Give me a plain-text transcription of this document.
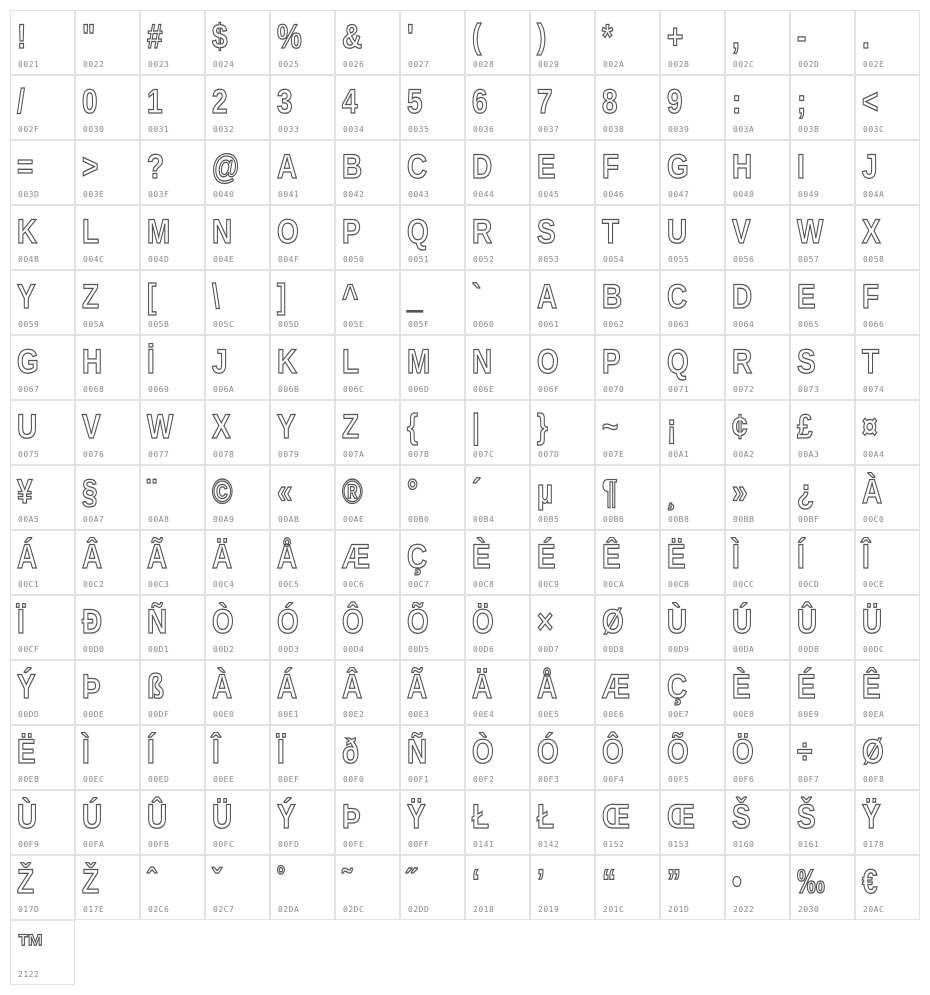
!
0021
"
0022
#
0023
$
0024
%
0025
&
0026
'
0027
(
0028
)
0029
*
002A
+
002B
,
002C
-
002D
.
002E
/
002F
0
0030
1
0031
2
0032
3
0033
4
0034
5
0035
6
0036
7
0037
8
0038
9
0039
:
003A
;
003B
<
003C
=
003D
>
003E
?
003F
@
0040
A
0041
B
0042
C
0043
D
0044
E
0045
F
0046
G
0047
H
0048
I
0049
J
004A
K
004B
L
004C
M
004D
N
004E
O
004F
P
0050
Q
0051
R
0052
S
0053
T
0054
U
0055
V
0056
W
0057
X
0058
Y
0059
Z
005A
[
005B
\
005C
]
005D
^
005E
_
005F
`
0060
A
0061
B
0062
C
0063
D
0064
E
0065
F
0066
G
0067
H
0068
İ
0069
J
006A
K
006B
L
006C
M
006D
N
006E
O
006F
P
0070
Q
0071
R
0072
S
0073
T
0074
U
0075
V
0076
W
0077
X
0078
Y
0079
Z
007A
{
007B
|
007C
}
007D
~
007E
¡
00A1
¢
00A2
£
00A3
¤
00A4
¥
00A5
§
00A7
¨
00A8
©
00A9
«
00AB
®
00AE
°
00B0
´
00B4
µ
00B5
¶
00B6
¸
00B8
»
00BB
¿
00BF
À
00C0
Á
00C1
Â
00C2
Ã
00C3
Ä
00C4
Å
00C5
Æ
00C6
Ç
00C7
È
00C8
É
00C9
Ê
00CA
Ë
00CB
Ì
00CC
Í
00CD
Î
00CE
Ï
00CF
Ð
00D0
Ñ
00D1
Ò
00D2
Ó
00D3
Ô
00D4
Õ
00D5
Ö
00D6
×
00D7
Ø
00D8
Ù
00D9
Ú
00DA
Û
00DB
Ü
00DC
Ý
00DD
Þ
00DE
ß
00DF
À
00E0
Á
00E1
Â
00E2
Ã
00E3
Ä
00E4
Å
00E5
Æ
00E6
Ç
00E7
È
00E8
É
00E9
Ê
00EA
Ë
00EB
Ì
00EC
Í
00ED
Î
00EE
Ï
00EF
ð
00F0
Ñ
00F1
Ò
00F2
Ó
00F3
Ô
00F4
Õ
00F5
Ö
00F6
÷
00F7
Ø
00F8
Ù
00F9
Ú
00FA
Û
00FB
Ü
00FC
Ý
00FD
Þ
00FE
Ÿ
00FF
Ł
0141
Ł
0142
Œ
0152
Œ
0153
Š
0160
Š
0161
Ÿ
0178
Ž
017D
Ž
017E
ˆ
02C6
ˇ
02C7
˚
02DA
˜
02DC
˝
02DD
‘
2018
’
2019
“
201C
”
201D
•
2022
‰
2030
€
20AC
™
2122
